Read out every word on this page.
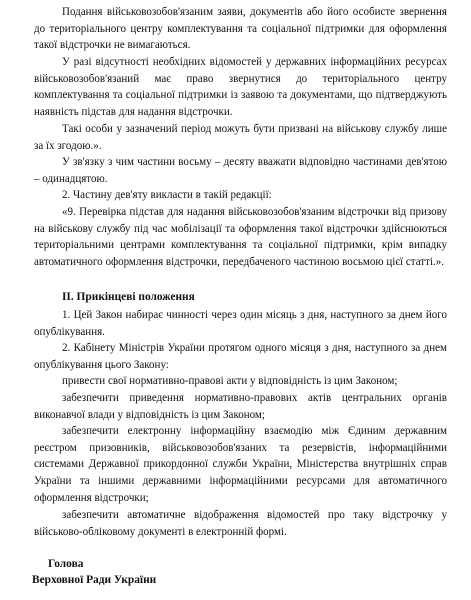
Подання військовозобов'язаним заяви, документів або його особисте звернення до територіального центру комплектування та соціальної підтримки для оформлення такої відстрочки не вимагаються.

У разі відсутності необхідних відомостей у державних інформаційних ресурсах військовозобов'язаний має право звернутися до територіального центру комплектування та соціальної підтримки із заявою та документами, що підтверджують наявність підстав для надання відстрочки.

Такі особи у зазначений період можуть бути призвані на військову службу лише за їх згодою.».

У зв'язку з чим частини восьму – десяту вважати відповідно частинами дев'ятою – одинадцятою.

2. Частину дев'яту викласти в такій редакції:

«9. Перевірка підстав для надання військовозобов'язаним відстрочки від призову на військову службу під час мобілізації та оформлення такої відстрочки здійснюються територіальними центрами комплектування та соціальної підтримки, крім випадку автоматичного оформлення відстрочки, передбаченого частиною восьмою цієї статті.».

II. Прикінцеві положення

1. Цей Закон набирає чинності через один місяць з дня, наступного за днем його опублікування.

2. Кабінету Міністрів України протягом одного місяця з дня, наступного за днем опублікування цього Закону:

привести свої нормативно-правові акти у відповідність із цим Законом;

забезпечити приведення нормативно-правових актів центральних органів виконавчої влади у відповідність із цим Законом;

забезпечити електронну інформаційну взаємодію між Єдиним державним реєстром призовників, військовозобов'язаних та резервістів, інформаційними системами Державної прикордонної служби України, Міністерства внутрішніх справ України та іншими державними інформаційними ресурсами для автоматичного оформлення відстрочки;

забезпечити автоматичне відображення відомостей про таку відстрочку у військово-обліковому документі в електронній формі.

Голова

Верховної Ради України
